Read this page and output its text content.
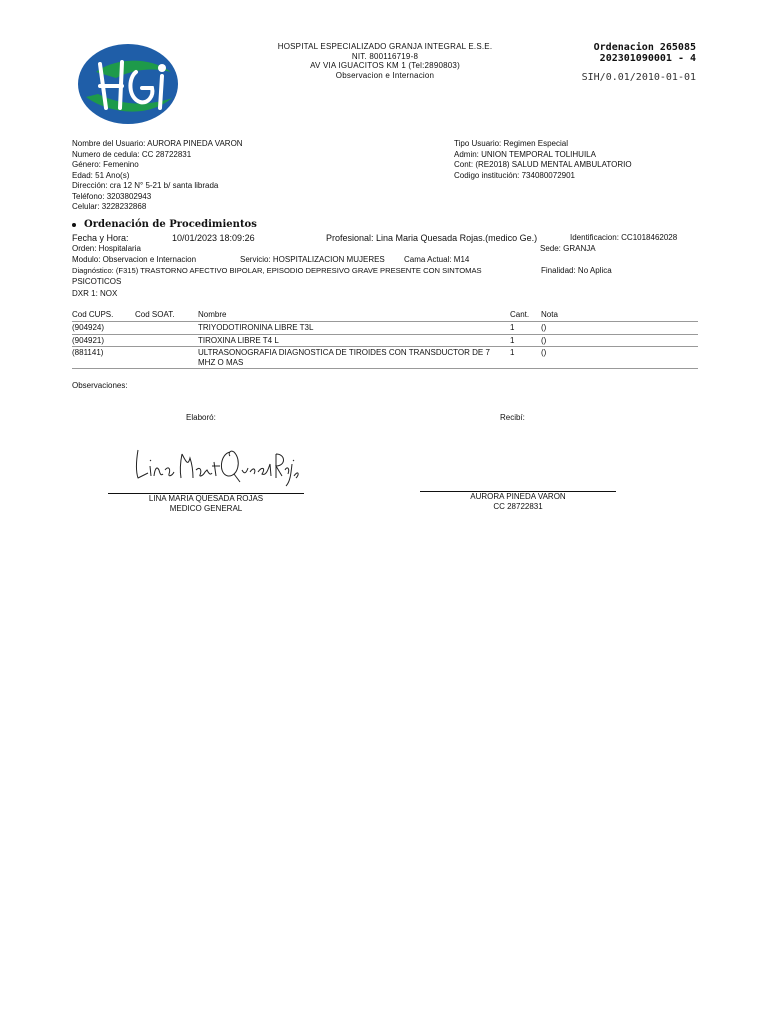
HOSPITAL ESPECIALIZADO GRANJA INTEGRAL E.S.E.
NIT. 800116719-8
AV VIA IGUACITOS KM 1 (Tel:2890803)
Observacion e Internacion
Ordenacion 265085
202301090001 - 4
SIH/0.01/2010-01-01
Nombre del Usuario: AURORA PINEDA VARON
Numero de cedula: CC 28722831
Género: Femenino
Edad: 51 Ano(s)
Dirección: cra 12 N° 5-21 b/ santa librada
Teléfono: 3203802943
Celular: 3228232868
Tipo Usuario: Regimen Especial
Admin: UNION TEMPORAL TOLIHUILA
Cont: (RE2018) SALUD MENTAL AMBULATORIO
Codigo institución: 734080072901
Ordenación de Procedimientos
Fecha y Hora:	10/01/2023 18:09:26	Profesional: Lina Maria Quesada Rojas.(medico Ge.)	Identificacion: CC1018462028
Orden: Hospitalaria	Sede: GRANJA
Modulo: Observacion e Internacion	Servicio: HOSPITALIZACION MUJERES Cama Actual: M14
Diagnóstico: (F315) TRASTORNO AFECTIVO BIPOLAR, EPISODIO DEPRESIVO GRAVE PRESENTE CON SINTOMAS	Finalidad: No Aplica
PSICOTICOS
DXR 1: NOX
Cod CUPS.	Cod SOAT.	Nombre	Cant.	Nota
(904924)		TRIYODOTIRONINA LIBRE T3L	1	()
(904921)		TIROXINA LIBRE T4 L	1	()
(881141)		ULTRASONOGRAFIA DIAGNOSTICA DE TIROIDES CON TRANSDUCTOR DE 7 MHZ O MAS	1	()
Observaciones:
Elaboró:	Recibí:
LINA MARIA QUESADA ROJAS
MEDICO GENERAL
AURORA PINEDA VARON
CC 28722831
